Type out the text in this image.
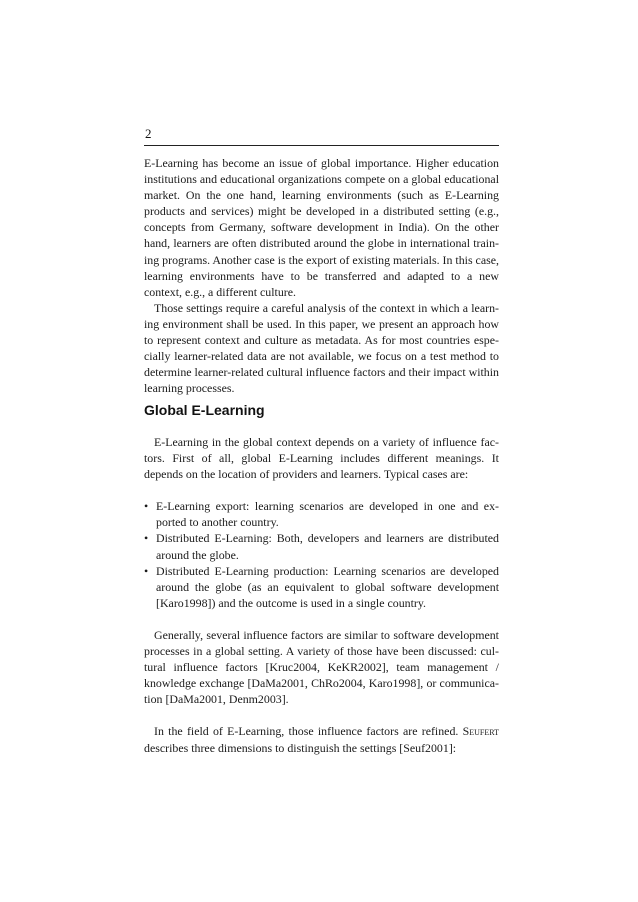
2

E-Learning has become an issue of global importance. Higher education institutions and educational organizations compete on a global educational market. On the one hand, learning environments (such as E-Learning products and services) might be developed in a distributed setting (e.g., concepts from Germany, software development in India). On the other hand, learners are often distributed around the globe in international training programs. Another case is the export of existing materials. In this case, learning environments have to be transferred and adapted to a new context, e.g., a different culture.

Those settings require a careful analysis of the context in which a learning environment shall be used. In this paper, we present an approach how to represent context and culture as metadata. As for most countries especially learner-related data are not available, we focus on a test method to determine learner-related cultural influence factors and their impact within learning processes.

Global E-Learning

E-Learning in the global context depends on a variety of influence factors. First of all, global E-Learning includes different meanings. It depends on the location of providers and learners. Typical cases are:

• E-Learning export: learning scenarios are developed in one and exported to another country.
• Distributed E-Learning: Both, developers and learners are distributed around the globe.
• Distributed E-Learning production: Learning scenarios are developed around the globe (as an equivalent to global software development [Karo1998]) and the outcome is used in a single country.

Generally, several influence factors are similar to software development processes in a global setting. A variety of those have been discussed: cultural influence factors [Kruc2004, KeKR2002], team management / knowledge exchange [DaMa2001, ChRo2004, Karo1998], or communication [DaMa2001, Denm2003].

In the field of E-Learning, those influence factors are refined. Seufert describes three dimensions to distinguish the settings [Seuf2001]:
